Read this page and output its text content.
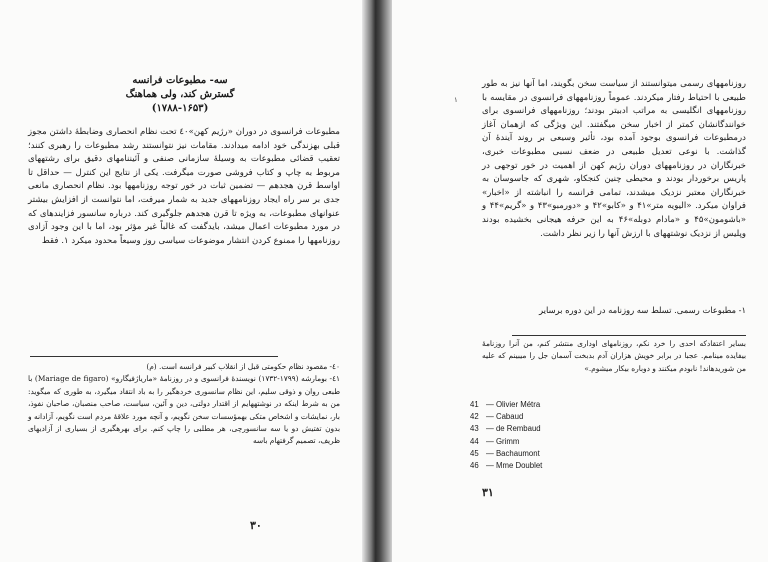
سه- مطبوعات فرانسه
گسترش کند، ولی هماهنگ
(۱۷۸۸-۱۶۵۳)

مطبوعات فرانسوی در دوران «رژیم کهن»٤٠ تحت نظام انحصاری وضابطهٔ داشتن مجوز قبلی بهزندگی خود ادامه میدادند. مقامات نیز نتوانستند رشد مطبوعات را رهبری کنند؛ تعقیب قضائی مطبوعات به وسیلهٔ سازمانی صنفی و آئیننامهای دقیق برای رشتههای مربوط به چاپ و کتاب فروشی صورت میگرفت. یکی از نتایج این کنترل — حداقل تا اواسط قرن هجدهم — تضمین ثبات در خور توجه روزنامهها بود. نظام انحصاری مانعی جدی بر سر راه ایجاد روزنامههای جدید به شمار میرفت، اما نتوانست از افزایش بیشتر عنوانهای مطبوعات، به ویژه تا قرن هجدهم جلوگیری کند. درباره سانسور فزایندهای که در مورد مطبوعات اعمال میشد، بایدگفت که غالباً غیر مؤثر بود، اما با این وجود آزادی روزنامهها را ممنوع کردن انتشار موضوعات سیاسی روز وسیعاً محدود میکرد ۱. فقط

٤٠- مقصود نظام حکومتی قبل از انقلاب کبیر فرانسه است. (م)

٤١- بومارشه (۱۷۹۹-۱۷۳۲) نویسندهٔ فرانسوی و در روزنامهٔ «ماریاژفیگارو» (Mariage de figaro) با طبعی روان و ذوقی سلیم، این نظام سانسوری خردهگیر را به باد انتقاد میگیرد، به طوری که میگوید: من به شرط اینکه در نوشتههایم از اقتدار دولتی، دین و آئین، سیاست، صاحب منصبان، صاحبان نفوذ، بار، نمایشات و اشخاص متکی بهمؤسسات سخن نگویم، و آنچه مورد علاقهٔ مردم است نگویم، آزادانه و بدون تفتیش دو یا سه سانسورچی، هر مطلبی را چاپ کنم. برای بهرهگیری از بسیاری از آزادیهای ظریف، تصمیم گرفتهام باسه

۳۰
۱

روزنامههای رسمی میتوانستند از سیاست سخن بگویند، اما آنها نیز به طور طبیعی با احتیاط رفتار میکردند. عموماً روزنامههای فرانسوی در مقایسه با روزنامههای انگلیسی به مراتب ادبیتر بودند؛ روزنامههای فرانسوی برای خوانندگانشان کمتر از اخبار سخن میگفتند. این ویژگی که ازهمان آغاز درمطبوعات فرانسوی بوجود آمده بود، تأثیر وسیعی بر روند آیندهٔ آن گذاشت. با نوعی تعدیل طبیعی در ضعف نسبی مطبوعات خبری، خبرنگاران در روزنامههای دوران رژیم کهن از اهمیت در خور توجهی در پاریس برخوردار بودند و محیطی چنین کنجکاو، شهری که جاسوسان به خبرنگاران معتبر نزدیک میشدند، تمامی فرانسه را انباشته از «اخبار» فراوان میکرد. «الیویه متر»۴۱ و «کابو»۴۲ و «دورمبو»۴۳ و «گریم»۴۴ و «باشومون»۴۵ و «مادام دوبله»۴۶ به این حرفه هیجانی بخشیده بودند وپلیس از نزدیک نوشتههای با ارزش آنها را زیر نظر داشت.

۱- مطبوعات رسمی. تسلط سه روزنامه در این دوره برسایر

بسایر اعتقادکه احدی را خرد نکم، روزنامهای اوداری منتشر کنم، من آنرا روزنامهٔ بیفایده مینامم. عجبا در برابر خویش هزاران آدم بدبخت آسمان جل را میبینم که علیه من شوریدهاند! نابودم میکنند و دوباره بیکار میشوم.»

۳۱
41 — Olivier Métra
42 — Cabaud
43 — de Rembaud
44 — Grimm
45 — Bachaumont
46 — Mme Doublet
